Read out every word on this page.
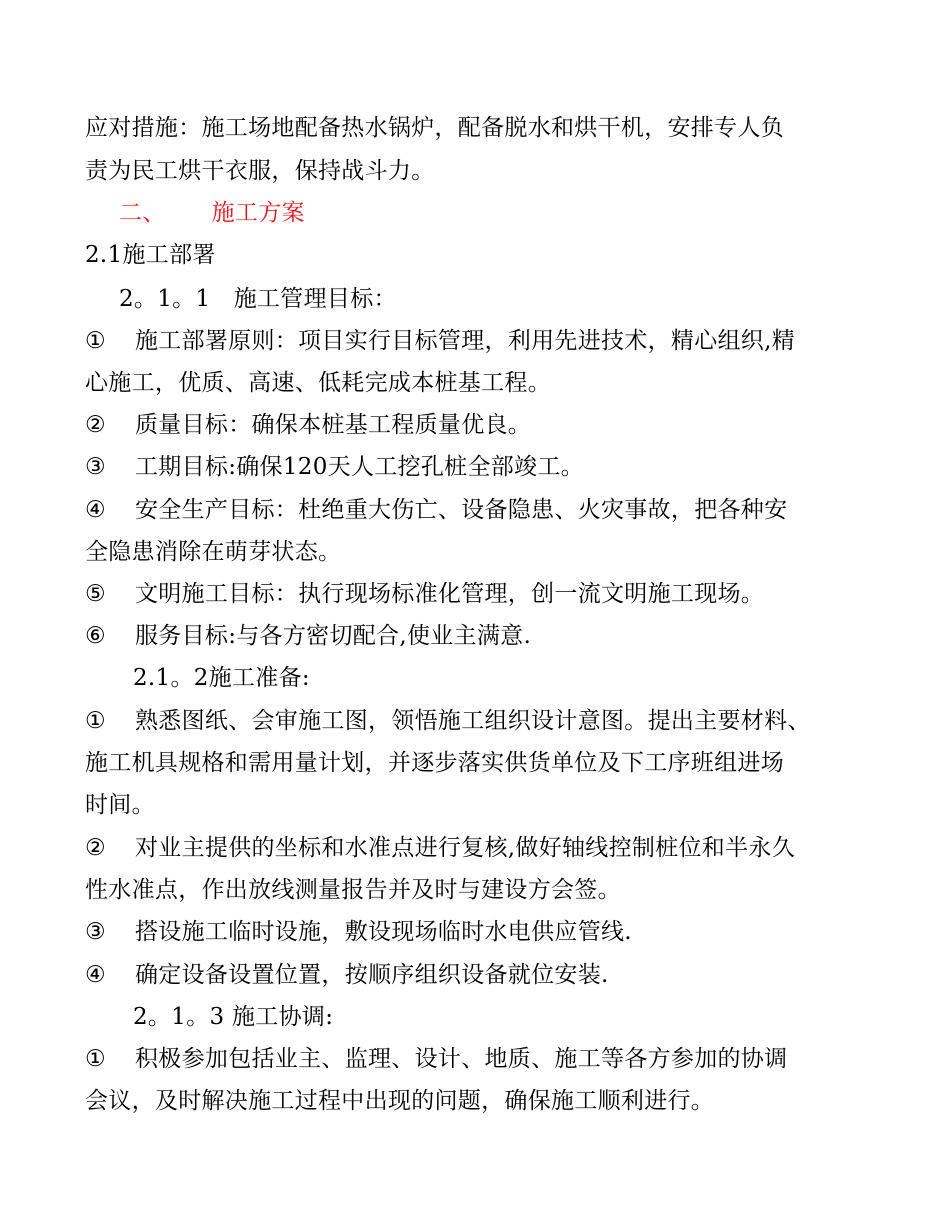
应对措施：施工场地配备热水锅炉，配备脱水和烘干机，安排专人负
责为民工烘干衣服，保持战斗力。
二、 施工方案
2.1施工部署
2。1。1　施工管理目标：
① 施工部署原则：项目实行目标管理，利用先进技术，精心组织,精
心施工，优质、高速、低耗完成本桩基工程。
② 质量目标：确保本桩基工程质量优良。
③ 工期目标:确保120天人工挖孔桩全部竣工。
④ 安全生产目标：杜绝重大伤亡、设备隐患、火灾事故，把各种安
全隐患消除在萌芽状态。
⑤ 文明施工目标：执行现场标准化管理，创一流文明施工现场。
⑥ 服务目标:与各方密切配合,使业主满意.
2.1。2施工准备:
① 熟悉图纸、会审施工图，领悟施工组织设计意图。提出主要材料、
施工机具规格和需用量计划，并逐步落实供货单位及下工序班组进场
时间。
② 对业主提供的坐标和水准点进行复核,做好轴线控制桩位和半永久
性水准点，作出放线测量报告并及时与建设方会签。
③ 搭设施工临时设施，敷设现场临时水电供应管线.
④ 确定设备设置位置，按顺序组织设备就位安装.
2。1。3 施工协调:
① 积极参加包括业主、监理、设计、地质、施工等各方参加的协调
会议，及时解决施工过程中出现的问题，确保施工顺利进行。
